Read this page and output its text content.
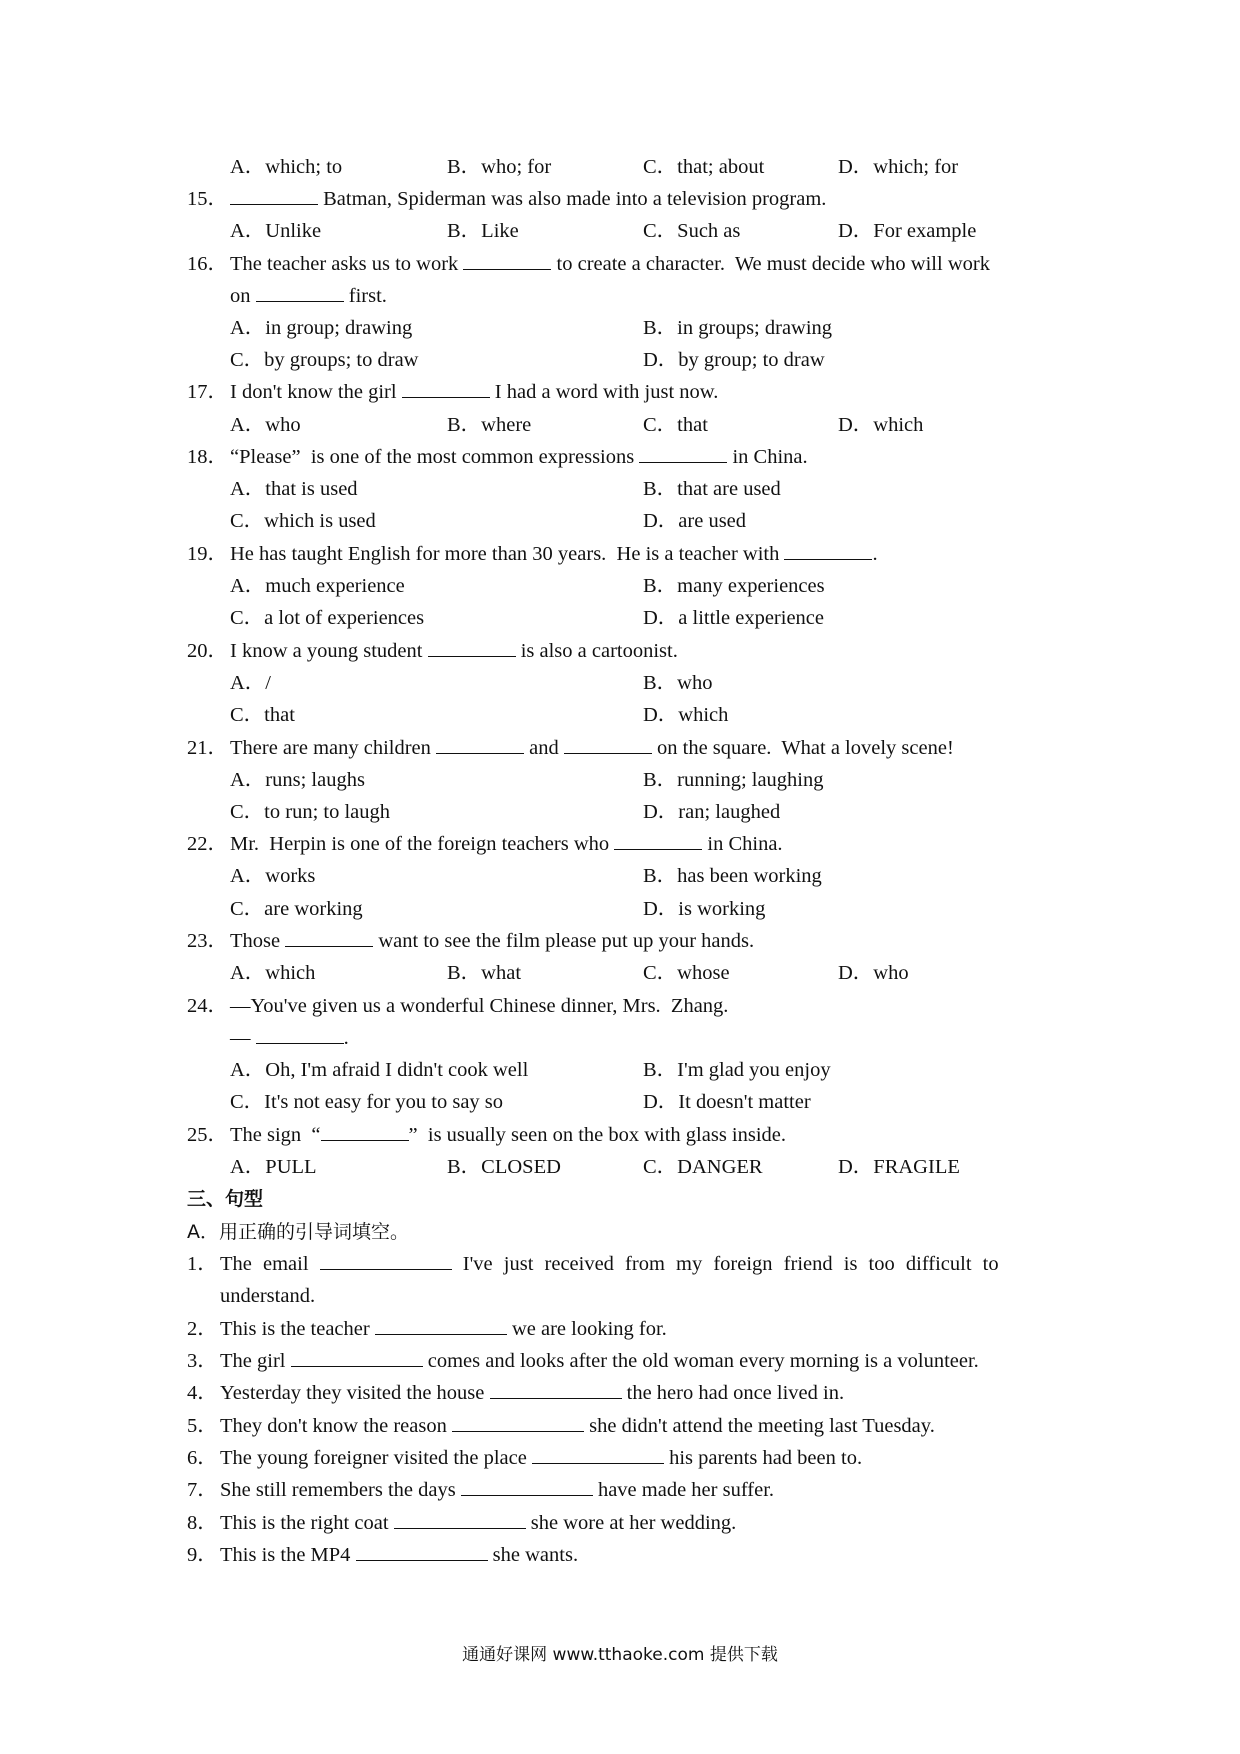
A．which; to	B．who; for	C．that; about	D．which; for
15．	Batman, Spiderman was also made into a television program.
A．Unlike	B．Like	C．Such as	D．For example
16． The teacher asks us to work	to create a character.  We must decide who will work
on	first.
A．in group; drawing	B．in groups; drawing
C．by groups; to draw	D．by group; to draw
17． I don't know the girl	I had a word with just now.
A．who	B．where	C．that	D．which
18． “Please”  is one of the most common expressions	in China.
A．that is used	B．that are used
C．which is used	D．are used
19． He has taught English for more than 30 years.  He is a teacher with	.
A．much experience	B．many experiences
C．a lot of experiences	D．a little experience
20． I know a young student	is also a cartoonist.
A．/	B．who
C．that	D．which
21． There are many children	and	on the square.  What a lovely scene!
A．runs; laughs	B．running; laughing
C．to run; to laugh	D．ran; laughed
22． Mr.  Herpin is one of the foreign teachers who	in China.
A．works	B．has been working
C．are working	D．is working
23． Those	want to see the film please put up your hands.
A．which	B．what	C．whose	D．who
24． —You've given us a wonderful Chinese dinner, Mrs.  Zhang.
—	.
A．Oh, I'm afraid I didn't cook well	B．I'm glad you enjoy
C．It's not easy for you to say so	D．It doesn't matter
25． The sign  “	”  is usually seen on the box with glass inside.
A．PULL	B．CLOSED	C．DANGER	D．FRAGILE
三、句型
A．用正确的引导词填空。
1． The email	I've just received from my foreign friend is too difficult to
understand.
2． This is the teacher	we are looking for.
3． The girl	comes and looks after the old woman every morning is a volunteer.
4． Yesterday they visited the house	the hero had once lived in.
5． They don't know the reason	she didn't attend the meeting last Tuesday.
6． The young foreigner visited the place	his parents had been to.
7． She still remembers the days	have made her suffer.
8． This is the right coat	she wore at her wedding.
9． This is the MP4	she wants.
通通好课网 www.tthaoke.com 提供下载
